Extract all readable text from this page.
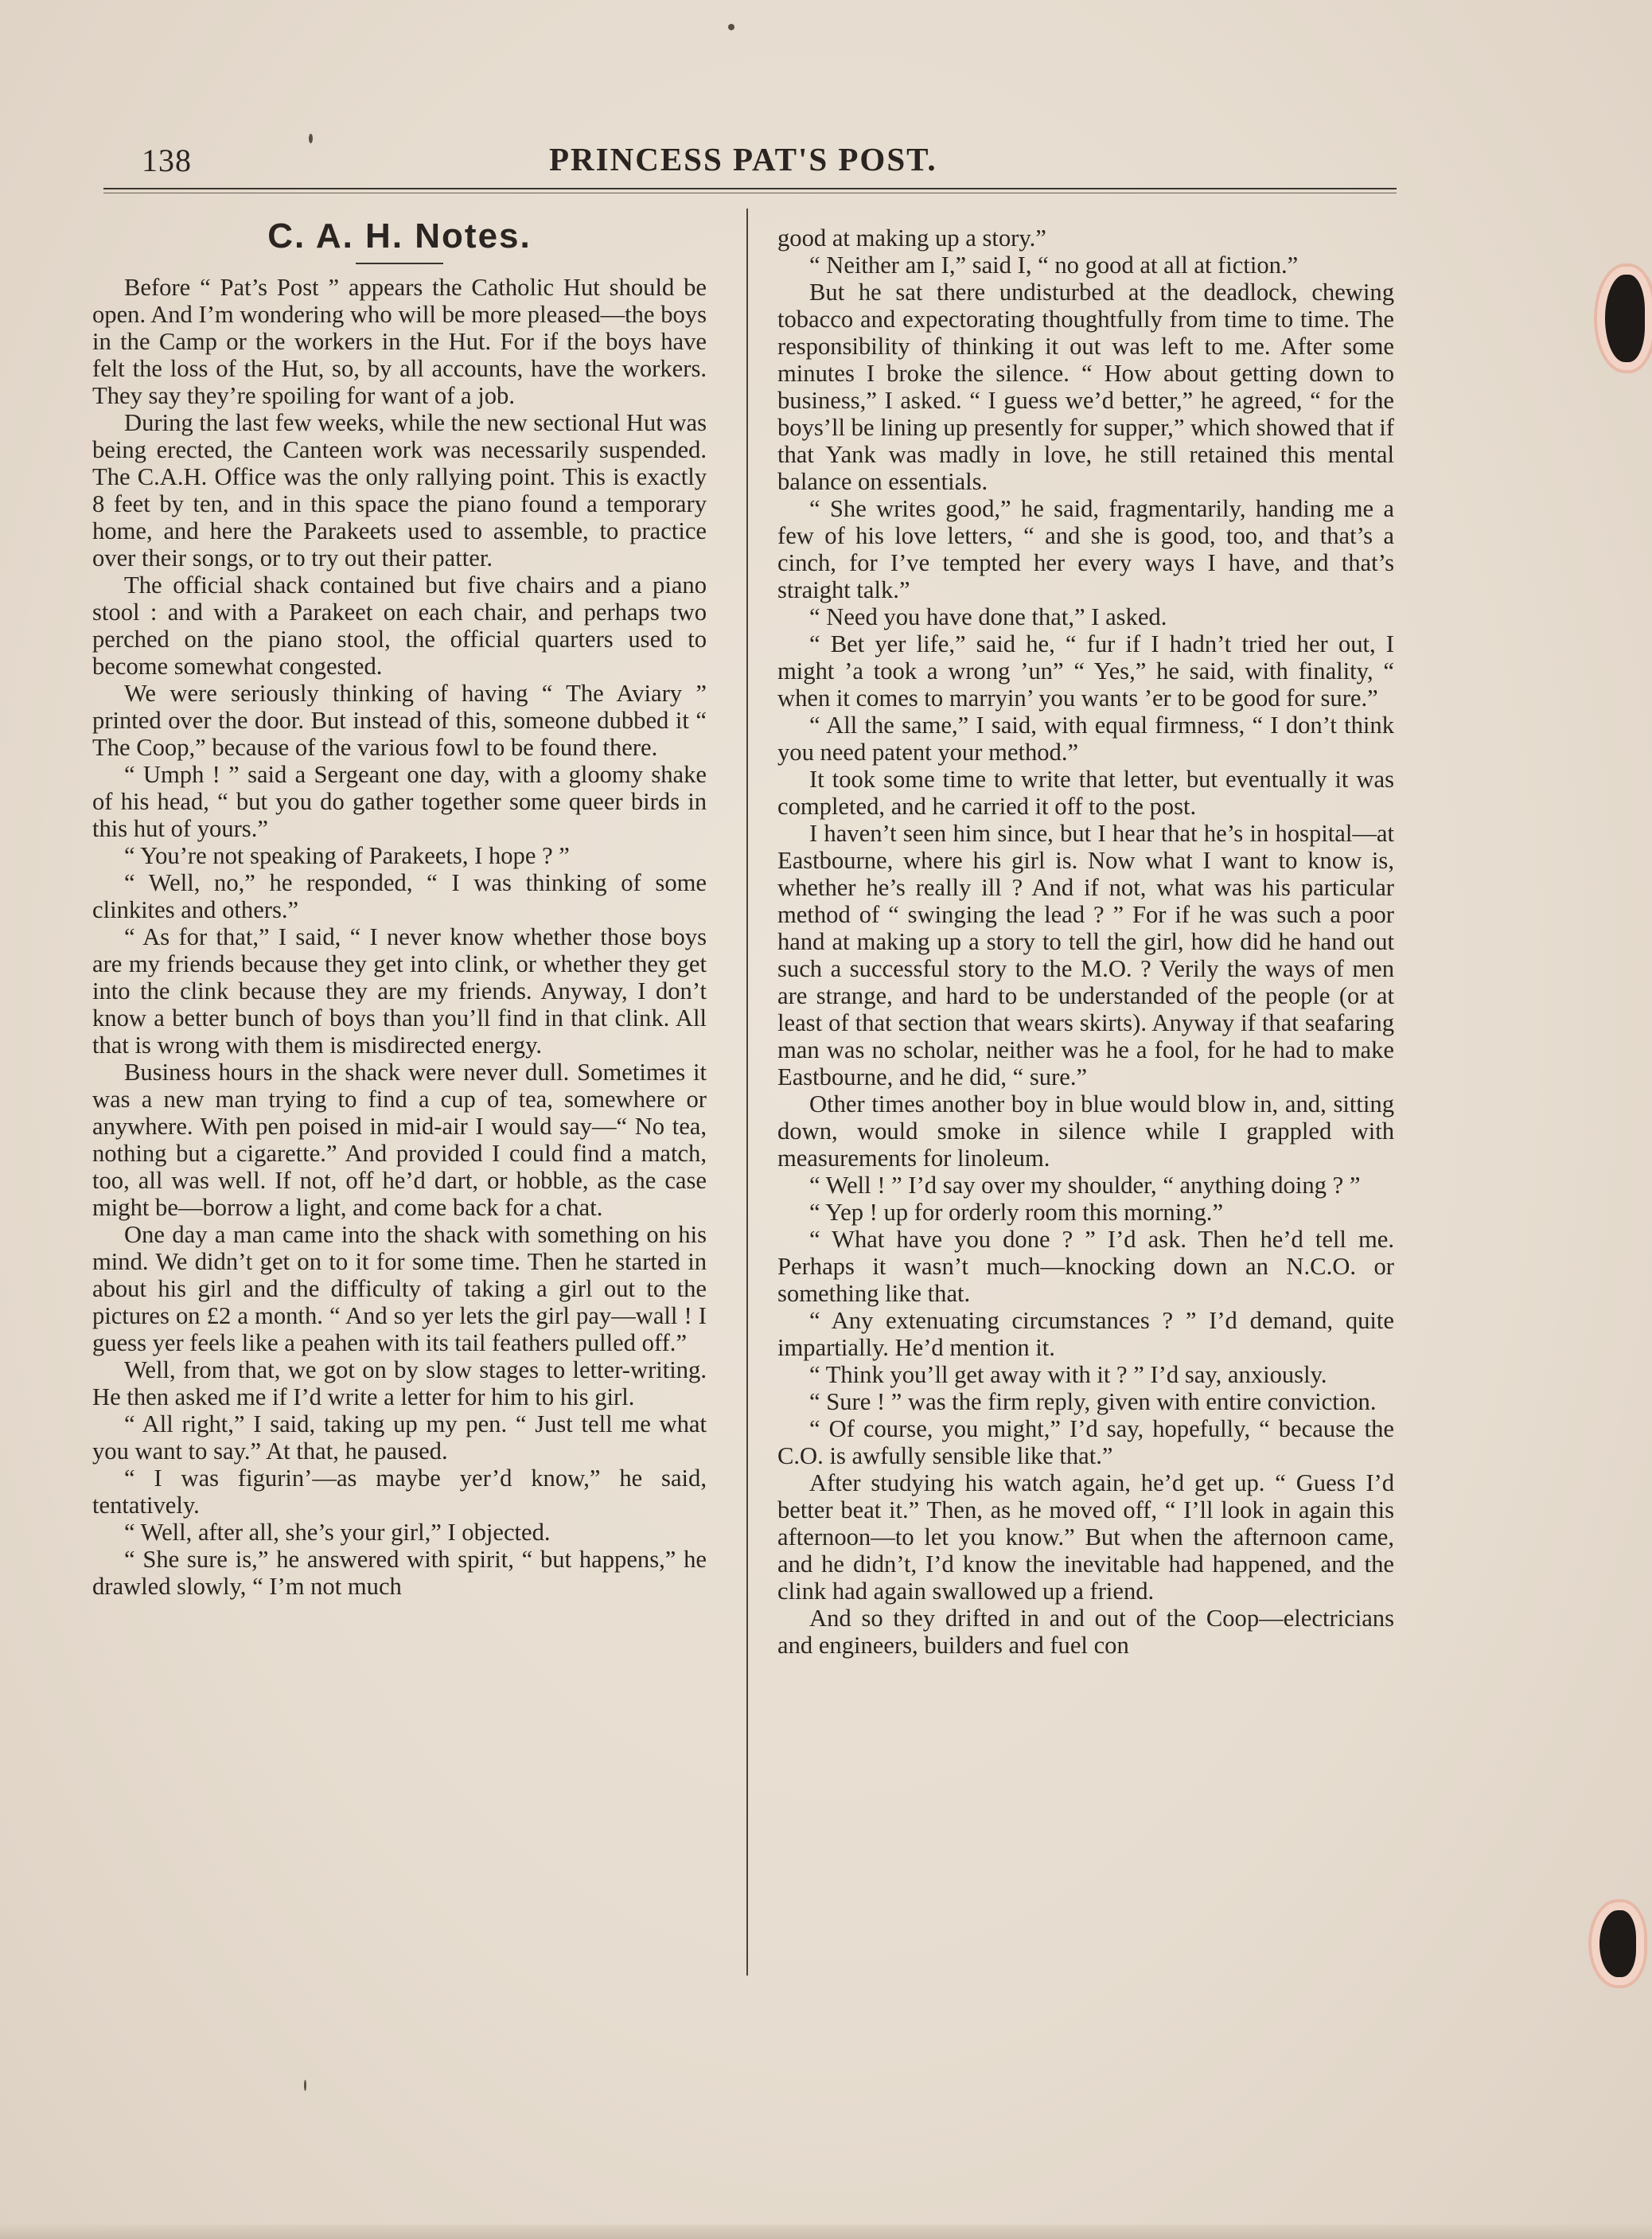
138	PRINCESS PAT'S POST.
C. A. H. Notes.

Before “ Pat’s Post ” appears the Catholic Hut should be open. And I’m wondering who will be more pleased—the boys in the Camp or the workers in the Hut. For if the boys have felt the loss of the Hut, so, by all accounts, have the workers. They say they’re spoiling for want of a job.

During the last few weeks, while the new sectional Hut was being erected, the Canteen work was necessarily suspended. The C.A.H. Office was the only rallying point. This is exactly 8 feet by ten, and in this space the piano found a temporary home, and here the Parakeets used to assemble, to practice over their songs, or to try out their patter.

The official shack contained but five chairs and a piano stool : and with a Parakeet on each chair, and perhaps two perched on the piano stool, the official quarters used to become somewhat congested.

We were seriously thinking of having “ The Aviary ” printed over the door. But instead of this, someone dubbed it “ The Coop,” because of the various fowl to be found there.

“ Umph ! ” said a Sergeant one day, with a gloomy shake of his head, “ but you do gather together some queer birds in this hut of yours.”

“ You’re not speaking of Parakeets, I hope ? ”

“ Well, no,” he responded, “ I was thinking of some clinkites and others.”

“ As for that,” I said, “ I never know whether those boys are my friends because they get into clink, or whether they get into the clink because they are my friends. Anyway, I don’t know a better bunch of boys than you’ll find in that clink. All that is wrong with them is misdirected energy.

Business hours in the shack were never dull. Sometimes it was a new man trying to find a cup of tea, somewhere or anywhere. With pen poised in mid-air I would say—“ No tea, nothing but a cigarette.” And provided I could find a match, too, all was well. If not, off he’d dart, or hobble, as the case might be—borrow a light, and come back for a chat.

One day a man came into the shack with something on his mind. We didn’t get on to it for some time. Then he started in about his girl and the difficulty of taking a girl out to the pictures on £2 a month. “ And so yer lets the girl pay—wall ! I guess yer feels like a peahen with its tail feathers pulled off.”

Well, from that, we got on by slow stages to letter-writing. He then asked me if I’d write a letter for him to his girl.

“ All right,” I said, taking up my pen. “ Just tell me what you want to say.” At that, he paused.

“ I was figurin’—as maybe yer’d know,” he said, tentatively.

“ Well, after all, she’s your girl,” I objected.

“ She sure is,” he answered with spirit, “ but happens,” he drawled slowly, “ I’m not much

good at making up a story.”

“ Neither am I,” said I, “ no good at all at fiction.”

But he sat there undisturbed at the deadlock, chewing tobacco and expectorating thoughtfully from time to time. The responsibility of thinking it out was left to me. After some minutes I broke the silence. “ How about getting down to business,” I asked. “ I guess we’d better,” he agreed, “ for the boys’ll be lining up presently for supper,” which showed that if that Yank was madly in love, he still retained this mental balance on essentials.

“ She writes good,” he said, fragmentarily, handing me a few of his love letters, “ and she is good, too, and that’s a cinch, for I’ve tempted her every ways I have, and that’s straight talk.”

“ Need you have done that,” I asked.

“ Bet yer life,” said he, “ fur if I hadn’t tried her out, I might ’a took a wrong ’un” “ Yes,” he said, with finality, “ when it comes to marryin’ you wants ’er to be good for sure.”

“ All the same,” I said, with equal firmness, “ I don’t think you need patent your method.”

It took some time to write that letter, but eventually it was completed, and he carried it off to the post.

I haven’t seen him since, but I hear that he’s in hospital—at Eastbourne, where his girl is. Now what I want to know is, whether he’s really ill ? And if not, what was his particular method of “ swinging the lead ? ” For if he was such a poor hand at making up a story to tell the girl, how did he hand out such a successful story to the M.O. ? Verily the ways of men are strange, and hard to be understanded of the people (or at least of that section that wears skirts). Anyway if that seafaring man was no scholar, neither was he a fool, for he had to make Eastbourne, and he did, “ sure.”

Other times another boy in blue would blow in, and, sitting down, would smoke in silence while I grappled with measurements for linoleum.

“ Well ! ” I’d say over my shoulder, “ anything doing ? ”

“ Yep ! up for orderly room this morning.”

“ What have you done ? ” I’d ask. Then he’d tell me. Perhaps it wasn’t much—knocking down an N.C.O. or something like that.

“ Any extenuating circumstances ? ” I’d demand, quite impartially. He’d mention it.

“ Think you’ll get away with it ? ” I’d say, anxiously.

“ Sure ! ” was the firm reply, given with entire conviction.

“ Of course, you might,” I’d say, hopefully, “ because the C.O. is awfully sensible like that.”

After studying his watch again, he’d get up. “ Guess I’d better beat it.” Then, as he moved off, “ I’ll look in again this afternoon—to let you know.” But when the afternoon came, and he didn’t, I’d know the inevitable had happened, and the clink had again swallowed up a friend.

And so they drifted in and out of the Coop—electricians and engineers, builders and fuel con
